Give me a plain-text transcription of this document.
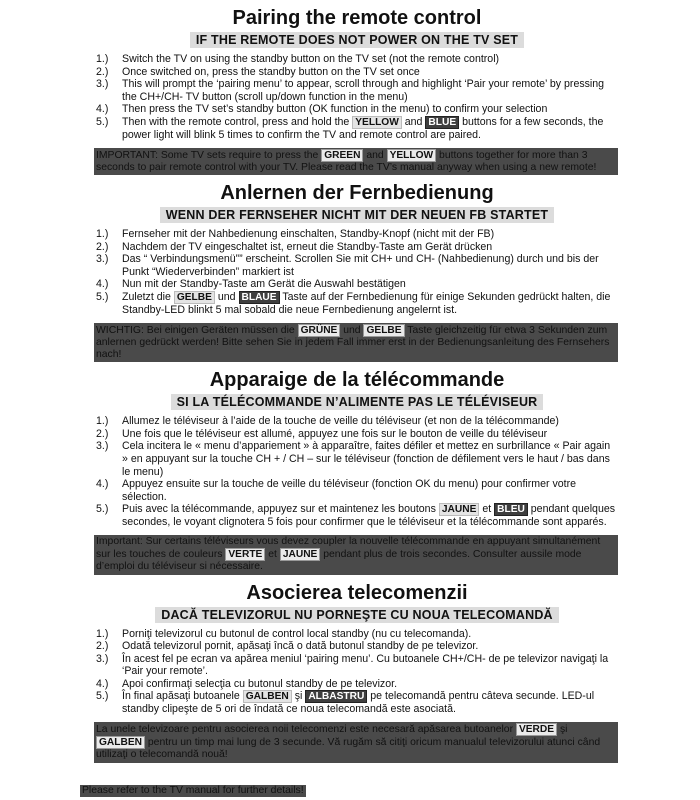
Pairing the remote control
IF THE REMOTE DOES NOT POWER ON THE TV SET
1.)	Switch the TV on using the standby button on the TV set (not the remote control)
2.)	Once switched on, press the standby button on the TV set once
3.)	This will prompt the ‘pairing menu’ to appear, scroll through and highlight ‘Pair your remote’ by pressing the CH+/CH- TV button (scroll up/down function in the menu)
4.)	Then press the TV set’s standby button (OK function in the menu) to confirm your selection
5.)	Then with the remote control, press and hold the YELLOW and BLUE buttons for a few seconds, the power light will blink 5 times to confirm the TV and remote control are paired.
IMPORTANT: Some TV sets require to press the GREEN and YELLOW buttons together for more than 3 seconds to pair remote control with your TV. Please read the TV’s manual anyway when using a new remote!
Anlernen der Fernbedienung
WENN DER FERNSEHER NICHT MIT DER NEUEN FB STARTET
1.)	Fernseher mit der Nahbedienung einschalten, Standby-Knopf (nicht mit der FB)
2.)	Nachdem der TV eingeschaltet ist, erneut die Standby-Taste am Gerät drücken
3.)	Das “ Verbindungsmenü”” erscheint. Scrollen Sie mit CH+ und CH- (Nahbedienung) durch und bis der Punkt “Wiederverbinden” markiert ist
4.)	Nun mit der Standby-Taste am Gerät die Auswahl bestätigen
5.)	Zuletzt die GELBE und BLAUE Taste auf der Fernbedienung für einige Sekunden gedrückt halten, die Standby-LED blinkt 5 mal sobald die neue Fernbedienung angelernt ist.
WICHTIG: Bei einigen Geräten müssen die GRÜNE und GELBE Taste gleichzeitig für etwa 3 Sekunden zum anlernen gedrückt werden! Bitte sehen Sie in jedem Fall immer erst in der Bedienungsanleitung des Fernsehers nach!
Apparaige de la télécommande
SI LA TÉLÉCOMMANDE N’ALIMENTE PAS LE TÉLÉVISEUR
1.)	Allumez le téléviseur à l’aide de la touche de veille du téléviseur (et non de la télécommande)
2.)	Une fois que le téléviseur est allumé, appuyez une fois sur le bouton de veille du téléviseur
3.)	Cela incitera le « menu d’appariement » à apparaître, faites défiler et mettez en surbrillance « Pair again » en appuyant sur la touche CH + / CH – sur le téléviseur (fonction de défilement vers le haut / bas dans le menu)
4.)	Appuyez ensuite sur la touche de veille du téléviseur (fonction OK du menu) pour confirmer votre sélection.
5.)	Puis avec la télécommande, appuyez sur et maintenez les boutons JAUNE et BLEU pendant quelques secondes, le voyant clignotera 5 fois pour confirmer que le téléviseur et la télécommande sont apparés.
Important: Sur certains téléviseurs vous devez coupler la nouvelle télécommande en appuyant simultanément sur les touches de couleurs VERTE et JAUNE pendant plus de trois secondes. Consulter aussile mode d’emploi du téléviseur si nécessaire.
Asocierea telecomenzii
DACĂ TELEVIZORUL NU PORNEŞTE CU NOUA TELECOMANDĂ
1.)	Porniţi televizorul cu butonul de control local standby (nu cu telecomanda).
2.)	Odată televizorul pornit, apăsaţi încă o dată butonul standby de pe televizor.
3.)	În acest fel pe ecran va apărea meniul ‘pairing menu’. Cu butoanele CH+/CH- de pe televizor navigaţi la ‘Pair your remote’.
4.)	Apoi confirmaţi selecţia cu butonul standby de pe televizor.
5.)	În final apăsaţi butoanele GALBEN şi ALBASTRU pe telecomandă pentru câteva secunde. LED-ul standby clipeşte de 5 ori de îndată ce noua telecomandă este asociată.
La unele televizoare pentru asocierea noii telecomenzi este necesară apăsarea butoanelor VERDE şi GALBEN pentru un timp mai lung de 3 secunde. Vă rugăm să citiţi oricum manualul televizorului atunci când utilizaţi o telecomandă nouă!
Please refer to the TV manual for further details!
